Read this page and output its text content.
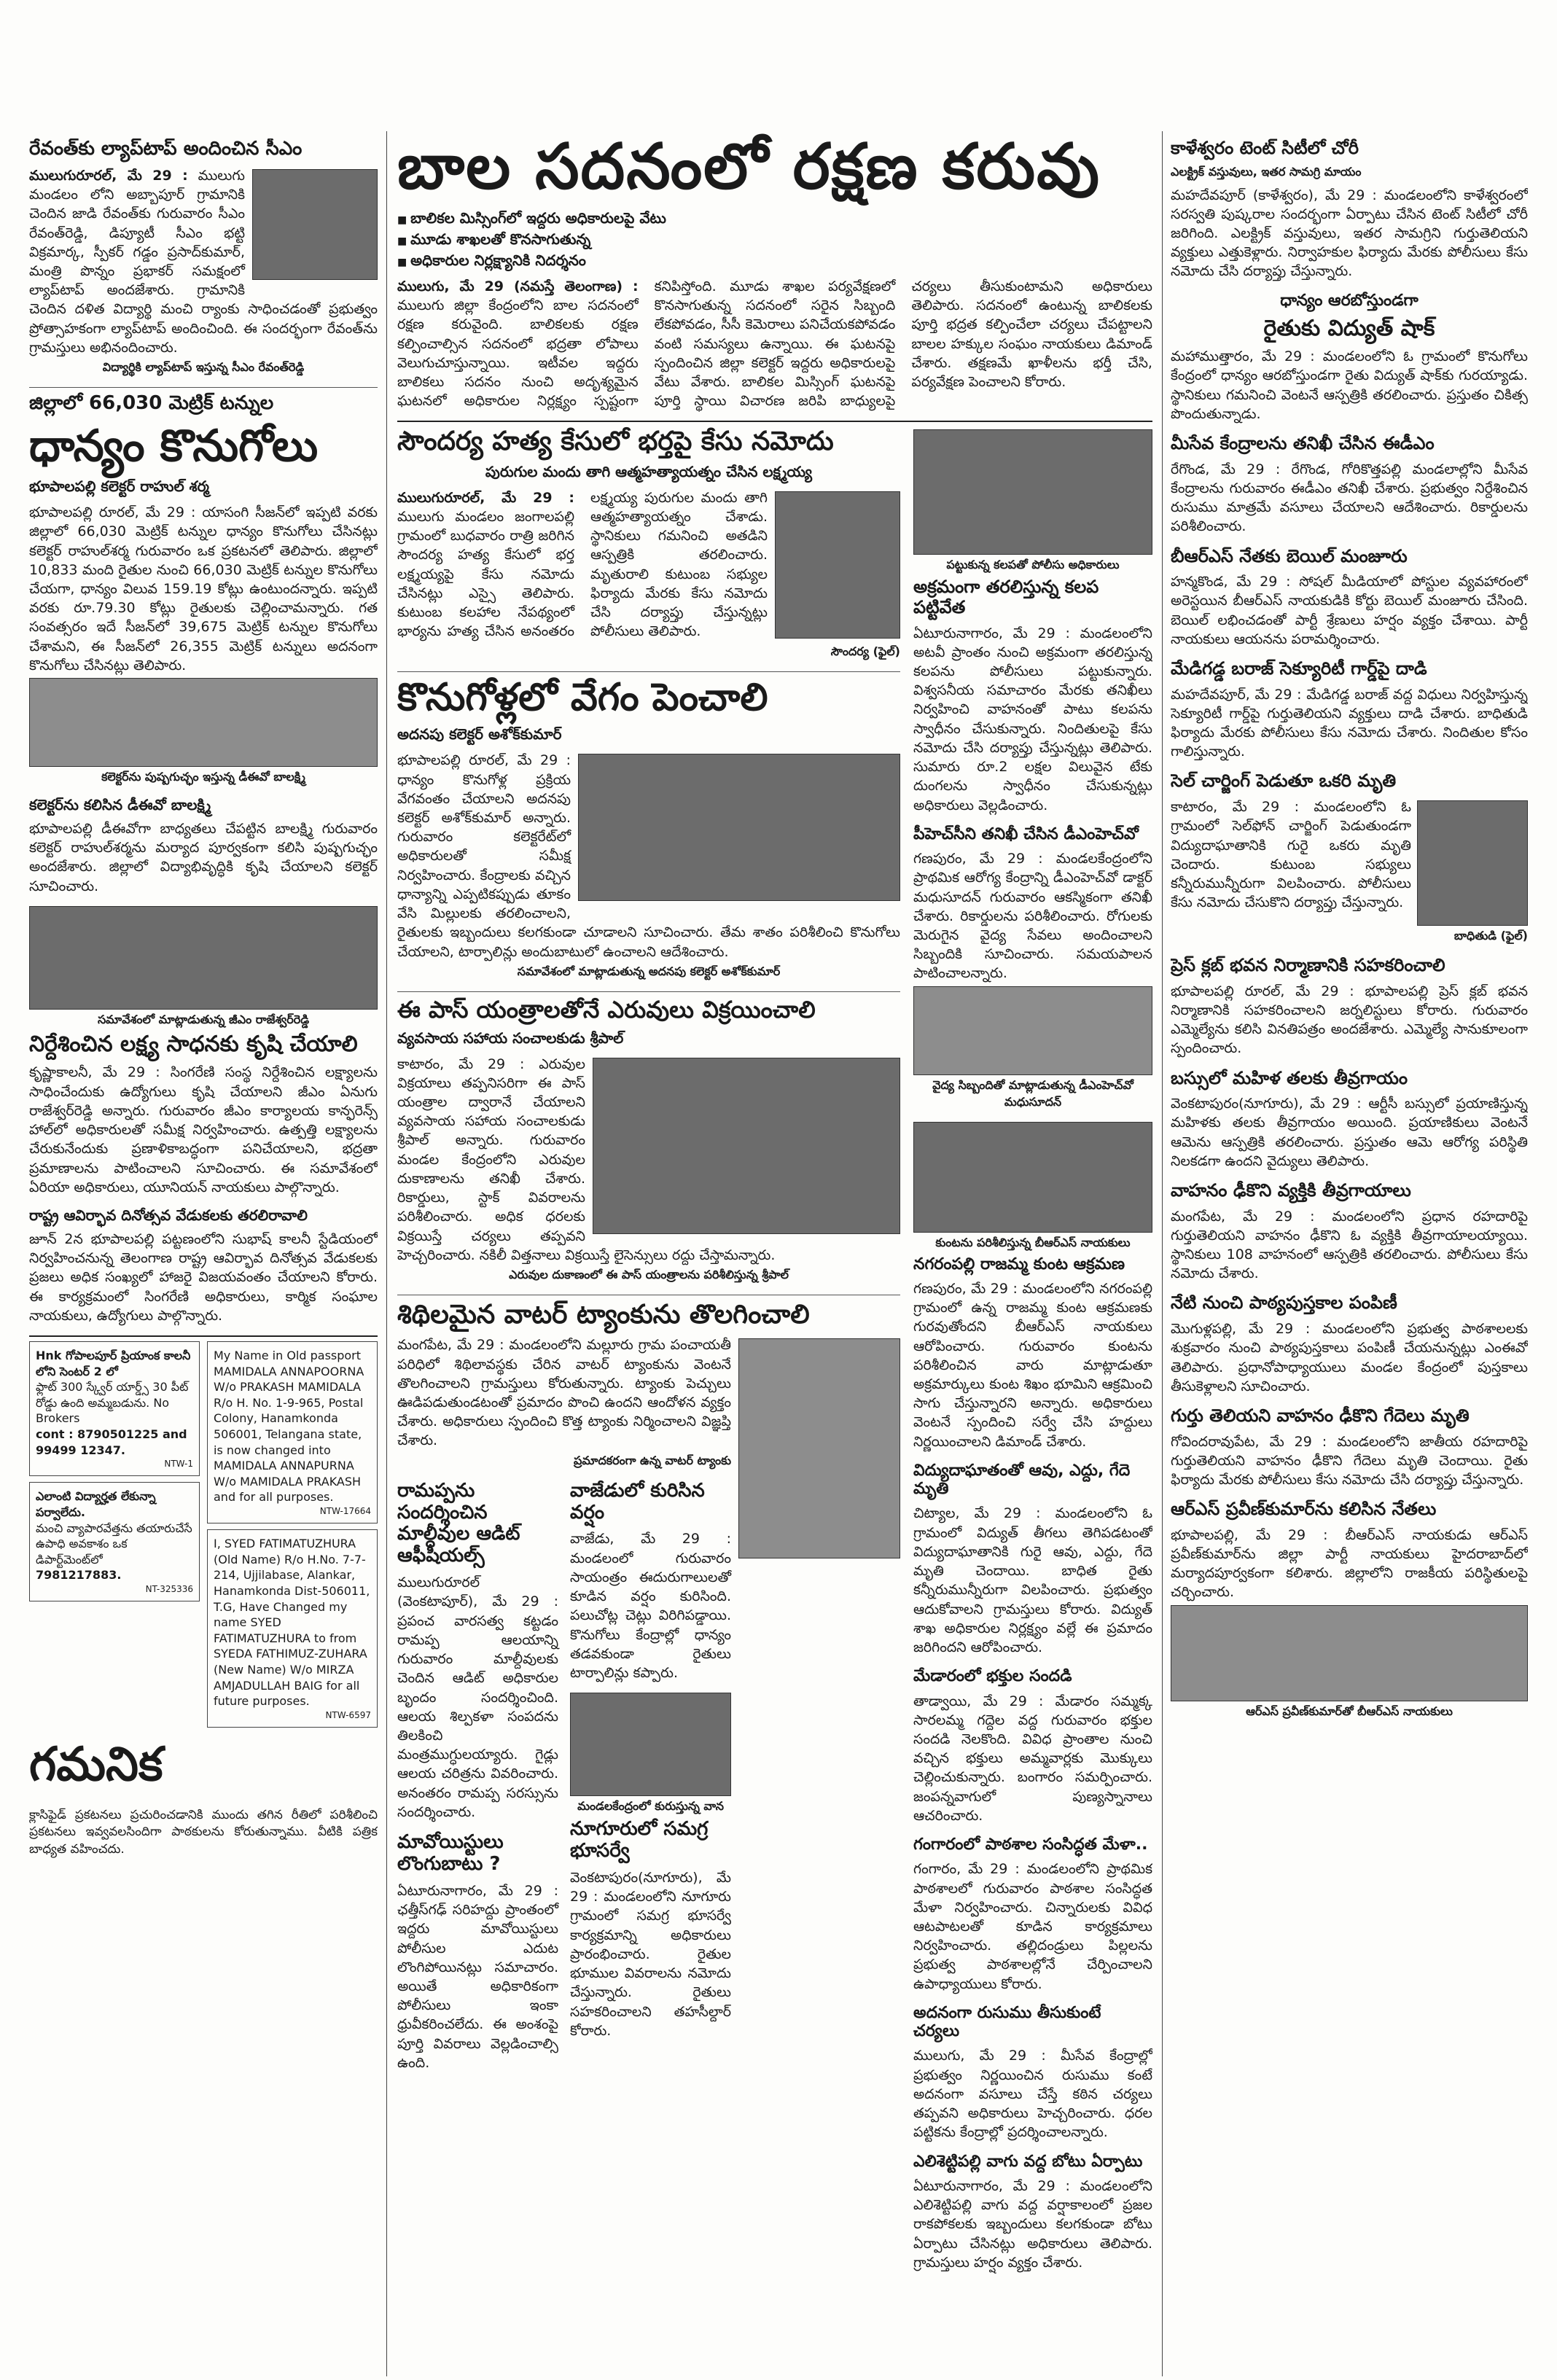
రేవంత్‌కు ల్యాప్‌టాప్ అందించిన సీఎం

ములుగురూరల్, మే 29 : ములుగు మండలం లోని అబ్బాపూర్ గ్రామానికి చెందిన జాడి రేవంత్‌కు గురువారం సీఎం రేవంత్‌రెడ్డి, డిప్యూటీ సీఎం భట్టి విక్రమార్క, స్పీకర్ గడ్డం ప్రసాద్‌కుమార్, మంత్రి పొన్నం ప్రభాకర్ సమక్షంలో ల్యాప్‌టాప్ అందజేశారు. గ్రామానికి చెందిన దళిత విద్యార్థి మంచి ర్యాంకు సాధించడంతో ప్రభుత్వం ప్రోత్సాహకంగా ల్యాప్‌టాప్ అందించింది. ఈ సందర్భంగా రేవంత్‌ను గ్రామస్తులు అభినందించారు.

విద్యార్థికి ల్యాప్‌టాప్ ఇస్తున్న సీఎం రేవంత్‌రెడ్డి
జిల్లాలో 66,030 మెట్రిక్ టన్నుల
ధాన్యం కొనుగోలు
భూపాలపల్లి కలెక్టర్ రాహుల్‌ శర్మ

భూపాలపల్లి రూరల్, మే 29 : యాసంగి సీజన్‌లో ఇప్పటి వరకు జిల్లాలో 66,030 మెట్రిక్ టన్నుల ధాన్యం కొనుగోలు చేసినట్లు కలెక్టర్ రాహుల్‌శర్మ గురువారం ఒక ప్రకటనలో తెలిపారు. జిల్లాలో 10,833 మంది రైతుల నుంచి 66,030 మెట్రిక్ టన్నుల కొనుగోలు చేయగా, ధాన్యం విలువ 159.19 కోట్లు ఉంటుందన్నారు. ఇప్పటి వరకు రూ.79.30 కోట్లు రైతులకు చెల్లించామన్నారు. గత సంవత్సరం ఇదే సీజన్‌లో 39,675 మెట్రిక్ టన్నుల కొనుగోలు చేశామని, ఈ సీజన్‌లో 26,355 మెట్రిక్ టన్నులు అదనంగా కొనుగోలు చేసినట్లు తెలిపారు.

కలెక్టర్‌ను పుష్పగుచ్ఛం ఇస్తున్న డీఈవో బాలక్ష్మి
కలెక్టర్‌ను కలిసిన డీఈవో బాలక్ష్మి

భూపాలపల్లి డీఈవోగా బాధ్యతలు చేపట్టిన బాలక్ష్మి గురువారం కలెక్టర్ రాహుల్‌శర్మను మర్యాద పూర్వకంగా కలిసి పుష్పగుచ్ఛం అందజేశారు. జిల్లాలో విద్యాభివృద్ధికి కృషి చేయాలని కలెక్టర్ సూచించారు.

సమావేశంలో మాట్లాడుతున్న జీఎం రాజేశ్వర్‌రెడ్డి
నిర్దేశించిన లక్ష్య సాధనకు కృషి చేయాలి

కృష్ణాకాలనీ, మే 29 : సింగరేణి సంస్థ నిర్దేశించిన లక్ష్యాలను సాధించేందుకు ఉద్యోగులు కృషి చేయాలని జీఎం ఏనుగు రాజేశ్వర్‌రెడ్డి అన్నారు. గురువారం జీఎం కార్యాలయ కాన్ఫరెన్స్ హాల్‌లో అధికారులతో సమీక్ష నిర్వహించారు. ఉత్పత్తి లక్ష్యాలను చేరుకునేందుకు ప్రణాళికాబద్ధంగా పనిచేయాలని, భద్రతా ప్రమాణాలను పాటించాలని సూచించారు. ఈ సమావేశంలో ఏరియా అధికారులు, యూనియన్ నాయకులు పాల్గొన్నారు.

రాష్ట్ర ఆవిర్భావ దినోత్సవ వేడుకలకు తరలిరావాలి

జూన్ 2న భూపాలపల్లి పట్టణంలోని సుభాష్ కాలనీ స్టేడియంలో నిర్వహించనున్న తెలంగాణ రాష్ట్ర ఆవిర్భావ దినోత్సవ వేడుకలకు ప్రజలు అధిక సంఖ్యలో హాజరై విజయవంతం చేయాలని కోరారు. ఈ కార్యక్రమంలో సింగరేణి అధికారులు, కార్మిక సంఘాల నాయకులు, ఉద్యోగులు పాల్గొన్నారు.

Hnk గోపాలపూర్ ప్రియాంక కాలనీ లోని సెంటర్ 2 లో
ఫ్లాట్ 300 స్క్వేర్ యార్డ్స్ 30 పీట్ రోడ్డు ఉంది అమ్మబడును. No Brokers
cont : 8790501225 and 99499 12347.
NTW-1
ఎలాంటి విద్యార్హత లేకున్నా పర్వాలేదు.
మంచి వ్యాపారవేత్తను తయారుచేసే ఉపాధి అవకాశం ఒక డిపార్ట్‌మెంట్‌లో
7981217883.
NT-325336
My Name in Old passport MAMIDALA ANNAPOORNA W/o PRAKASH MAMIDALA R/o H. No. 1-9-965, Postal Colony, Hanamkonda 506001, Telangana state, is now changed into MAMIDALA ANNAPURNA W/o MAMIDALA PRAKASH and for all purposes.
NTW-17664
I, SYED FATIMATUZHURA (Old Name) R/o H.No. 7-7-214, Ujjilabase, Alankar, Hanamkonda Dist-506011, T.G, Have Changed my name SYED FATIMATUZHURA to from SYEDA FATHIMUZ-ZUHARA (New Name) W/o MIRZA AMJADULLAH BAIG for all future purposes.
NTW-6597
గమనిక

క్లాసిఫైడ్ ప్రకటనలు ప్రచురించడానికి ముందు తగిన రీతిలో పరిశీలించి ప్రకటనలు ఇవ్వవలసిందిగా పాఠకులను కోరుతున్నాము. వీటికి పత్రిక బాధ్యత వహించదు.

బాల సదనంలో రక్షణ కరువు
■ బాలికల మిస్సింగ్‌లో ఇద్దరు అధికారులపై వేటు
■ మూడు శాఖలతో కొనసాగుతున్న
■ అధికారుల నిర్లక్ష్యానికి నిదర్శనం

ములుగు, మే 29 (నమస్తే తెలంగాణ) : ములుగు జిల్లా కేంద్రంలోని బాల సదనంలో రక్షణ కరువైంది. బాలికలకు రక్షణ కల్పించాల్సిన సదనంలో భద్రతా లోపాలు వెలుగుచూస్తున్నాయి. ఇటీవల ఇద్దరు బాలికలు సదనం నుంచి అదృశ్యమైన ఘటనలో అధికారుల నిర్లక్ష్యం స్పష్టంగా కనిపిస్తోంది. మూడు శాఖల పర్యవేక్షణలో కొనసాగుతున్న సదనంలో సరైన సిబ్బంది లేకపోవడం, సీసీ కెమెరాలు పనిచేయకపోవడం వంటి సమస్యలు ఉన్నాయి. ఈ ఘటనపై స్పందించిన జిల్లా కలెక్టర్ ఇద్దరు అధికారులపై వేటు వేశారు. బాలికల మిస్సింగ్ ఘటనపై పూర్తి స్థాయి విచారణ జరిపి బాధ్యులపై చర్యలు తీసుకుంటామని అధికారులు తెలిపారు. సదనంలో ఉంటున్న బాలికలకు పూర్తి భద్రత కల్పించేలా చర్యలు చేపట్టాలని బాలల హక్కుల సంఘం నాయకులు డిమాండ్ చేశారు. తక్షణమే ఖాళీలను భర్తీ చేసి, పర్యవేక్షణ పెంచాలని కోరారు.

సౌందర్య హత్య కేసులో భర్తపై కేసు నమోదు
పురుగుల మందు తాగి ఆత్మహత్యాయత్నం చేసిన లక్ష్మయ్య

ములుగురూరల్, మే 29 : ములుగు మండలం జంగాలపల్లి గ్రామంలో బుధవారం రాత్రి జరిగిన సౌందర్య హత్య కేసులో భర్త లక్ష్మయ్యపై కేసు నమోదు చేసినట్లు ఎస్సై తెలిపారు. కుటుంబ కలహాల నేపథ్యంలో భార్యను హత్య చేసిన అనంతరం లక్ష్మయ్య పురుగుల మందు తాగి ఆత్మహత్యాయత్నం చేశాడు. స్థానికులు గమనించి అతడిని ఆస్పత్రికి తరలించారు. మృతురాలి కుటుంబ సభ్యుల ఫిర్యాదు మేరకు కేసు నమోదు చేసి దర్యాప్తు చేస్తున్నట్లు పోలీసులు తెలిపారు.

సౌందర్య (ఫైల్)
కొనుగోళ్లలో వేగం పెంచాలి
అదనపు కలెక్టర్ అశోక్‌కుమార్

భూపాలపల్లి రూరల్, మే 29 : ధాన్యం కొనుగోళ్ల ప్రక్రియ వేగవంతం చేయాలని అదనపు కలెక్టర్ అశోక్‌కుమార్ అన్నారు. గురువారం కలెక్టరేట్‌లో అధికారులతో సమీక్ష నిర్వహించారు. కేంద్రాలకు వచ్చిన ధాన్యాన్ని ఎప్పటికప్పుడు తూకం వేసి మిల్లులకు తరలించాలని, రైతులకు ఇబ్బందులు కలగకుండా చూడాలని సూచించారు. తేమ శాతం పరిశీలించి కొనుగోలు చేయాలని, టార్పాలిన్లు అందుబాటులో ఉంచాలని ఆదేశించారు.

సమావేశంలో మాట్లాడుతున్న అదనపు కలెక్టర్ అశోక్‌కుమార్
ఈ పాస్ యంత్రాలతోనే ఎరువులు విక్రయించాలి
వ్యవసాయ సహాయ సంచాలకుడు శ్రీపాల్

కాటారం, మే 29 : ఎరువుల విక్రయాలు తప్పనిసరిగా ఈ పాస్ యంత్రాల ద్వారానే చేయాలని వ్యవసాయ సహాయ సంచాలకుడు శ్రీపాల్ అన్నారు. గురువారం మండల కేంద్రంలోని ఎరువుల దుకాణాలను తనిఖీ చేశారు. రికార్డులు, స్టాక్ వివరాలను పరిశీలించారు. అధిక ధరలకు విక్రయిస్తే చర్యలు తప్పవని హెచ్చరించారు. నకిలీ విత్తనాలు విక్రయిస్తే లైసెన్సులు రద్దు చేస్తామన్నారు.

ఎరువుల దుకాణంలో ఈ పాస్ యంత్రాలను పరిశీలిస్తున్న శ్రీపాల్
శిథిలమైన వాటర్ ట్యాంకును తొలగించాలి

మంగపేట, మే 29 : మండలంలోని మల్లూరు గ్రామ పంచాయతీ పరిధిలో శిథిలావస్థకు చేరిన వాటర్ ట్యాంకును వెంటనే తొలగించాలని గ్రామస్తులు కోరుతున్నారు. ట్యాంకు పెచ్చులు ఊడిపడుతుండటంతో ప్రమాదం పొంచి ఉందని ఆందోళన వ్యక్తం చేశారు. అధికారులు స్పందించి కొత్త ట్యాంకు నిర్మించాలని విజ్ఞప్తి చేశారు.

ప్రమాదకరంగా ఉన్న వాటర్ ట్యాంకు
రామప్పను సందర్శించిన మాల్దీవుల ఆడిట్ ఆఫీషియల్స్

ములుగురూరల్ (వెంకటాపూర్), మే 29 : ప్రపంచ వారసత్వ కట్టడం రామప్ప ఆలయాన్ని గురువారం మాల్దీవులకు చెందిన ఆడిట్ అధికారుల బృందం సందర్శించింది. ఆలయ శిల్పకళా సంపదను తిలకించి మంత్రముగ్ధులయ్యారు. గైడ్లు ఆలయ చరిత్రను వివరించారు. అనంతరం రామప్ప సరస్సును సందర్శించారు.

మావోయిస్టులు లొంగుబాటు ?

ఏటూరునాగారం, మే 29 : ఛత్తీస్‌గఢ్ సరిహద్దు ప్రాంతంలో ఇద్దరు మావోయిస్టులు పోలీసుల ఎదుట లొంగిపోయినట్లు సమాచారం. అయితే అధికారికంగా పోలీసులు ఇంకా ధ్రువీకరించలేదు. ఈ అంశంపై పూర్తి వివరాలు వెల్లడించాల్సి ఉంది.

వాజేడులో కురిసిన వర్షం

వాజేడు, మే 29 : మండలంలో గురువారం సాయంత్రం ఈదురుగాలులతో కూడిన వర్షం కురిసింది. పలుచోట్ల చెట్లు విరిగిపడ్డాయి. కొనుగోలు కేంద్రాల్లో ధాన్యం తడవకుండా రైతులు టార్పాలిన్లు కప్పారు.

మండలకేంద్రంలో కురుస్తున్న వాన
నూగూరులో సమగ్ర భూసర్వే

వెంకటాపురం(నూగూరు), మే 29 : మండలంలోని నూగూరు గ్రామంలో సమగ్ర భూసర్వే కార్యక్రమాన్ని అధికారులు ప్రారంభించారు. రైతుల భూముల వివరాలను నమోదు చేస్తున్నారు. రైతులు సహకరించాలని తహసీల్దార్ కోరారు.

పట్టుకున్న కలపతో పోలీసు అధికారులు
అక్రమంగా తరలిస్తున్న కలప పట్టివేత

ఏటూరునాగారం, మే 29 : మండలంలోని అటవీ ప్రాంతం నుంచి అక్రమంగా తరలిస్తున్న కలపను పోలీసులు పట్టుకున్నారు. విశ్వసనీయ సమాచారం మేరకు తనిఖీలు నిర్వహించి వాహనంతో పాటు కలపను స్వాధీనం చేసుకున్నారు. నిందితులపై కేసు నమోదు చేసి దర్యాప్తు చేస్తున్నట్లు తెలిపారు. సుమారు రూ.2 లక్షల విలువైన టేకు దుంగలను స్వాధీనం చేసుకున్నట్లు అధికారులు వెల్లడించారు.

పీహెచ్‌సీని తనిఖీ చేసిన డీఎంహెచ్‌వో

గణపురం, మే 29 : మండలకేంద్రంలోని ప్రాథమిక ఆరోగ్య కేంద్రాన్ని డీఎంహెచ్‌వో డాక్టర్ మధుసూదన్ గురువారం ఆకస్మికంగా తనిఖీ చేశారు. రికార్డులను పరిశీలించారు. రోగులకు మెరుగైన వైద్య సేవలు అందించాలని సిబ్బందికి సూచించారు. సమయపాలన పాటించాలన్నారు.

వైద్య సిబ్బందితో మాట్లాడుతున్న డీఎంహెచ్‌వో మధుసూదన్
కుంటను పరిశీలిస్తున్న బీఆర్‌ఎస్ నాయకులు
నగరంపల్లి రాజమ్మ కుంట ఆక్రమణ

గణపురం, మే 29 : మండలంలోని నగరంపల్లి గ్రామంలో ఉన్న రాజమ్మ కుంట ఆక్రమణకు గురవుతోందని బీఆర్‌ఎస్ నాయకులు ఆరోపించారు. గురువారం కుంటను పరిశీలించిన వారు మాట్లాడుతూ అక్రమార్కులు కుంట శిఖం భూమిని ఆక్రమించి సాగు చేస్తున్నారని అన్నారు. అధికారులు వెంటనే స్పందించి సర్వే చేసి హద్దులు నిర్ణయించాలని డిమాండ్ చేశారు.

విద్యుదాఘాతంతో ఆవు, ఎద్దు, గేదె మృతి

చిట్యాల, మే 29 : మండలంలోని ఓ గ్రామంలో విద్యుత్ తీగలు తెగిపడటంతో విద్యుదాఘాతానికి గురై ఆవు, ఎద్దు, గేదె మృతి చెందాయి. బాధిత రైతు కన్నీరుమున్నీరుగా విలపించారు. ప్రభుత్వం ఆదుకోవాలని గ్రామస్తులు కోరారు. విద్యుత్ శాఖ అధికారుల నిర్లక్ష్యం వల్లే ఈ ప్రమాదం జరిగిందని ఆరోపించారు.

మేడారంలో భక్తుల సందడి

తాడ్వాయి, మే 29 : మేడారం సమ్మక్క సారలమ్మ గద్దెల వద్ద గురువారం భక్తుల సందడి నెలకొంది. వివిధ ప్రాంతాల నుంచి వచ్చిన భక్తులు అమ్మవార్లకు మొక్కులు చెల్లించుకున్నారు. బంగారం సమర్పించారు. జంపన్నవాగులో పుణ్యస్నానాలు ఆచరించారు.

గంగారంలో పాఠశాల సంసిద్ధత మేళా..

గంగారం, మే 29 : మండలంలోని ప్రాథమిక పాఠశాలలో గురువారం పాఠశాల సంసిద్ధత మేళా నిర్వహించారు. చిన్నారులకు వివిధ ఆటపాటలతో కూడిన కార్యక్రమాలు నిర్వహించారు. తల్లిదండ్రులు పిల్లలను ప్రభుత్వ పాఠశాలల్లోనే చేర్పించాలని ఉపాధ్యాయులు కోరారు.

అదనంగా రుసుము తీసుకుంటే చర్యలు

ములుగు, మే 29 : మీసేవ కేంద్రాల్లో ప్రభుత్వం నిర్ణయించిన రుసుము కంటే అదనంగా వసూలు చేస్తే కఠిన చర్యలు తప్పవని అధికారులు హెచ్చరించారు. ధరల పట్టికను కేంద్రాల్లో ప్రదర్శించాలన్నారు.

ఎలిశెట్టిపల్లి వాగు వద్ద బోటు ఏర్పాటు

ఏటూరునాగారం, మే 29 : మండలంలోని ఎలిశెట్టిపల్లి వాగు వద్ద వర్షాకాలంలో ప్రజల రాకపోకలకు ఇబ్బందులు కలగకుండా బోటు ఏర్పాటు చేసినట్లు అధికారులు తెలిపారు. గ్రామస్తులు హర్షం వ్యక్తం చేశారు.

కాళేశ్వరం టెంట్ సిటీలో చోరీ
ఎలక్ట్రిక్ వస్తువులు, ఇతర సామగ్రి మాయం

మహదేవపూర్ (కాళేశ్వరం), మే 29 : మండలంలోని కాళేశ్వరంలో సరస్వతి పుష్కరాల సందర్భంగా ఏర్పాటు చేసిన టెంట్ సిటీలో చోరీ జరిగింది. ఎలక్ట్రిక్ వస్తువులు, ఇతర సామగ్రిని గుర్తుతెలియని వ్యక్తులు ఎత్తుకెళ్లారు. నిర్వాహకుల ఫిర్యాదు మేరకు పోలీసులు కేసు నమోదు చేసి దర్యాప్తు చేస్తున్నారు.

ధాన్యం ఆరబోస్తుండగా
రైతుకు విద్యుత్ షాక్

మహాముత్తారం, మే 29 : మండలంలోని ఓ గ్రామంలో కొనుగోలు కేంద్రంలో ధాన్యం ఆరబోస్తుండగా రైతు విద్యుత్ షాక్‌కు గురయ్యాడు. స్థానికులు గమనించి వెంటనే ఆస్పత్రికి తరలించారు. ప్రస్తుతం చికిత్స పొందుతున్నాడు.

మీసేవ కేంద్రాలను తనిఖీ చేసిన ఈడీఎం

రేగొండ, మే 29 : రేగొండ, గోరికొత్తపల్లి మండలాల్లోని మీసేవ కేంద్రాలను గురువారం ఈడీఎం తనిఖీ చేశారు. ప్రభుత్వం నిర్దేశించిన రుసుము మాత్రమే వసూలు చేయాలని ఆదేశించారు. రికార్డులను పరిశీలించారు.

బీఆర్‌ఎస్ నేతకు బెయిల్ మంజూరు

హన్మకొండ, మే 29 : సోషల్ మీడియాలో పోస్టుల వ్యవహారంలో అరెస్టయిన బీఆర్‌ఎస్ నాయకుడికి కోర్టు బెయిల్ మంజూరు చేసింది. బెయిల్ లభించడంతో పార్టీ శ్రేణులు హర్షం వ్యక్తం చేశాయి. పార్టీ నాయకులు ఆయనను పరామర్శించారు.

మేడిగడ్డ బరాజ్ సెక్యూరిటీ గార్డ్‌పై దాడి

మహదేవపూర్, మే 29 : మేడిగడ్డ బరాజ్ వద్ద విధులు నిర్వహిస్తున్న సెక్యూరిటీ గార్డ్‌పై గుర్తుతెలియని వ్యక్తులు దాడి చేశారు. బాధితుడి ఫిర్యాదు మేరకు పోలీసులు కేసు నమోదు చేశారు. నిందితుల కోసం గాలిస్తున్నారు.

సెల్ చార్జింగ్ పెడుతూ ఒకరి మృతి

కాటారం, మే 29 : మండలంలోని ఓ గ్రామంలో సెల్‌ఫోన్ చార్జింగ్ పెడుతుండగా విద్యుదాఘాతానికి గురై ఒకరు మృతి చెందారు. కుటుంబ సభ్యులు కన్నీరుమున్నీరుగా విలపించారు. పోలీసులు కేసు నమోదు చేసుకొని దర్యాప్తు చేస్తున్నారు.

బాధితుడి (ఫైల్)
ప్రెస్ క్లబ్ భవన నిర్మాణానికి సహకరించాలి

భూపాలపల్లి రూరల్, మే 29 : భూపాలపల్లి ప్రెస్ క్లబ్ భవన నిర్మాణానికి సహకరించాలని జర్నలిస్టులు కోరారు. గురువారం ఎమ్మెల్యేను కలిసి వినతిపత్రం అందజేశారు. ఎమ్మెల్యే సానుకూలంగా స్పందించారు.

బస్సులో మహిళ తలకు తీవ్రగాయం

వెంకటాపురం(నూగూరు), మే 29 : ఆర్టీసీ బస్సులో ప్రయాణిస్తున్న మహిళకు తలకు తీవ్రగాయం అయింది. ప్రయాణికులు వెంటనే ఆమెను ఆస్పత్రికి తరలించారు. ప్రస్తుతం ఆమె ఆరోగ్య పరిస్థితి నిలకడగా ఉందని వైద్యులు తెలిపారు.

వాహనం ఢీకొని వ్యక్తికి తీవ్రగాయాలు

మంగపేట, మే 29 : మండలంలోని ప్రధాన రహదారిపై గుర్తుతెలియని వాహనం ఢీకొని ఓ వ్యక్తికి తీవ్రగాయాలయ్యాయి. స్థానికులు 108 వాహనంలో ఆస్పత్రికి తరలించారు. పోలీసులు కేసు నమోదు చేశారు.

నేటి నుంచి పాఠ్యపుస్తకాల పంపిణీ

మొగుళ్లపల్లి, మే 29 : మండలంలోని ప్రభుత్వ పాఠశాలలకు శుక్రవారం నుంచి పాఠ్యపుస్తకాలు పంపిణీ చేయనున్నట్లు ఎంఈవో తెలిపారు. ప్రధానోపాధ్యాయులు మండల కేంద్రంలో పుస్తకాలు తీసుకెళ్లాలని సూచించారు.

గుర్తు తెలియని వాహనం ఢీకొని గేదెలు మృతి

గోవిందరావుపేట, మే 29 : మండలంలోని జాతీయ రహదారిపై గుర్తుతెలియని వాహనం ఢీకొని గేదెలు మృతి చెందాయి. రైతు ఫిర్యాదు మేరకు పోలీసులు కేసు నమోదు చేసి దర్యాప్తు చేస్తున్నారు.

ఆర్ఎస్ ప్రవీణ్‌కుమార్‌ను కలిసిన నేతలు

భూపాలపల్లి, మే 29 : బీఆర్‌ఎస్ నాయకుడు ఆర్ఎస్ ప్రవీణ్‌కుమార్‌ను జిల్లా పార్టీ నాయకులు హైదరాబాద్‌లో మర్యాదపూర్వకంగా కలిశారు. జిల్లాలోని రాజకీయ పరిస్థితులపై చర్చించారు.

ఆర్ఎస్ ప్రవీణ్‌కుమార్‌తో బీఆర్‌ఎస్ నాయకులు
